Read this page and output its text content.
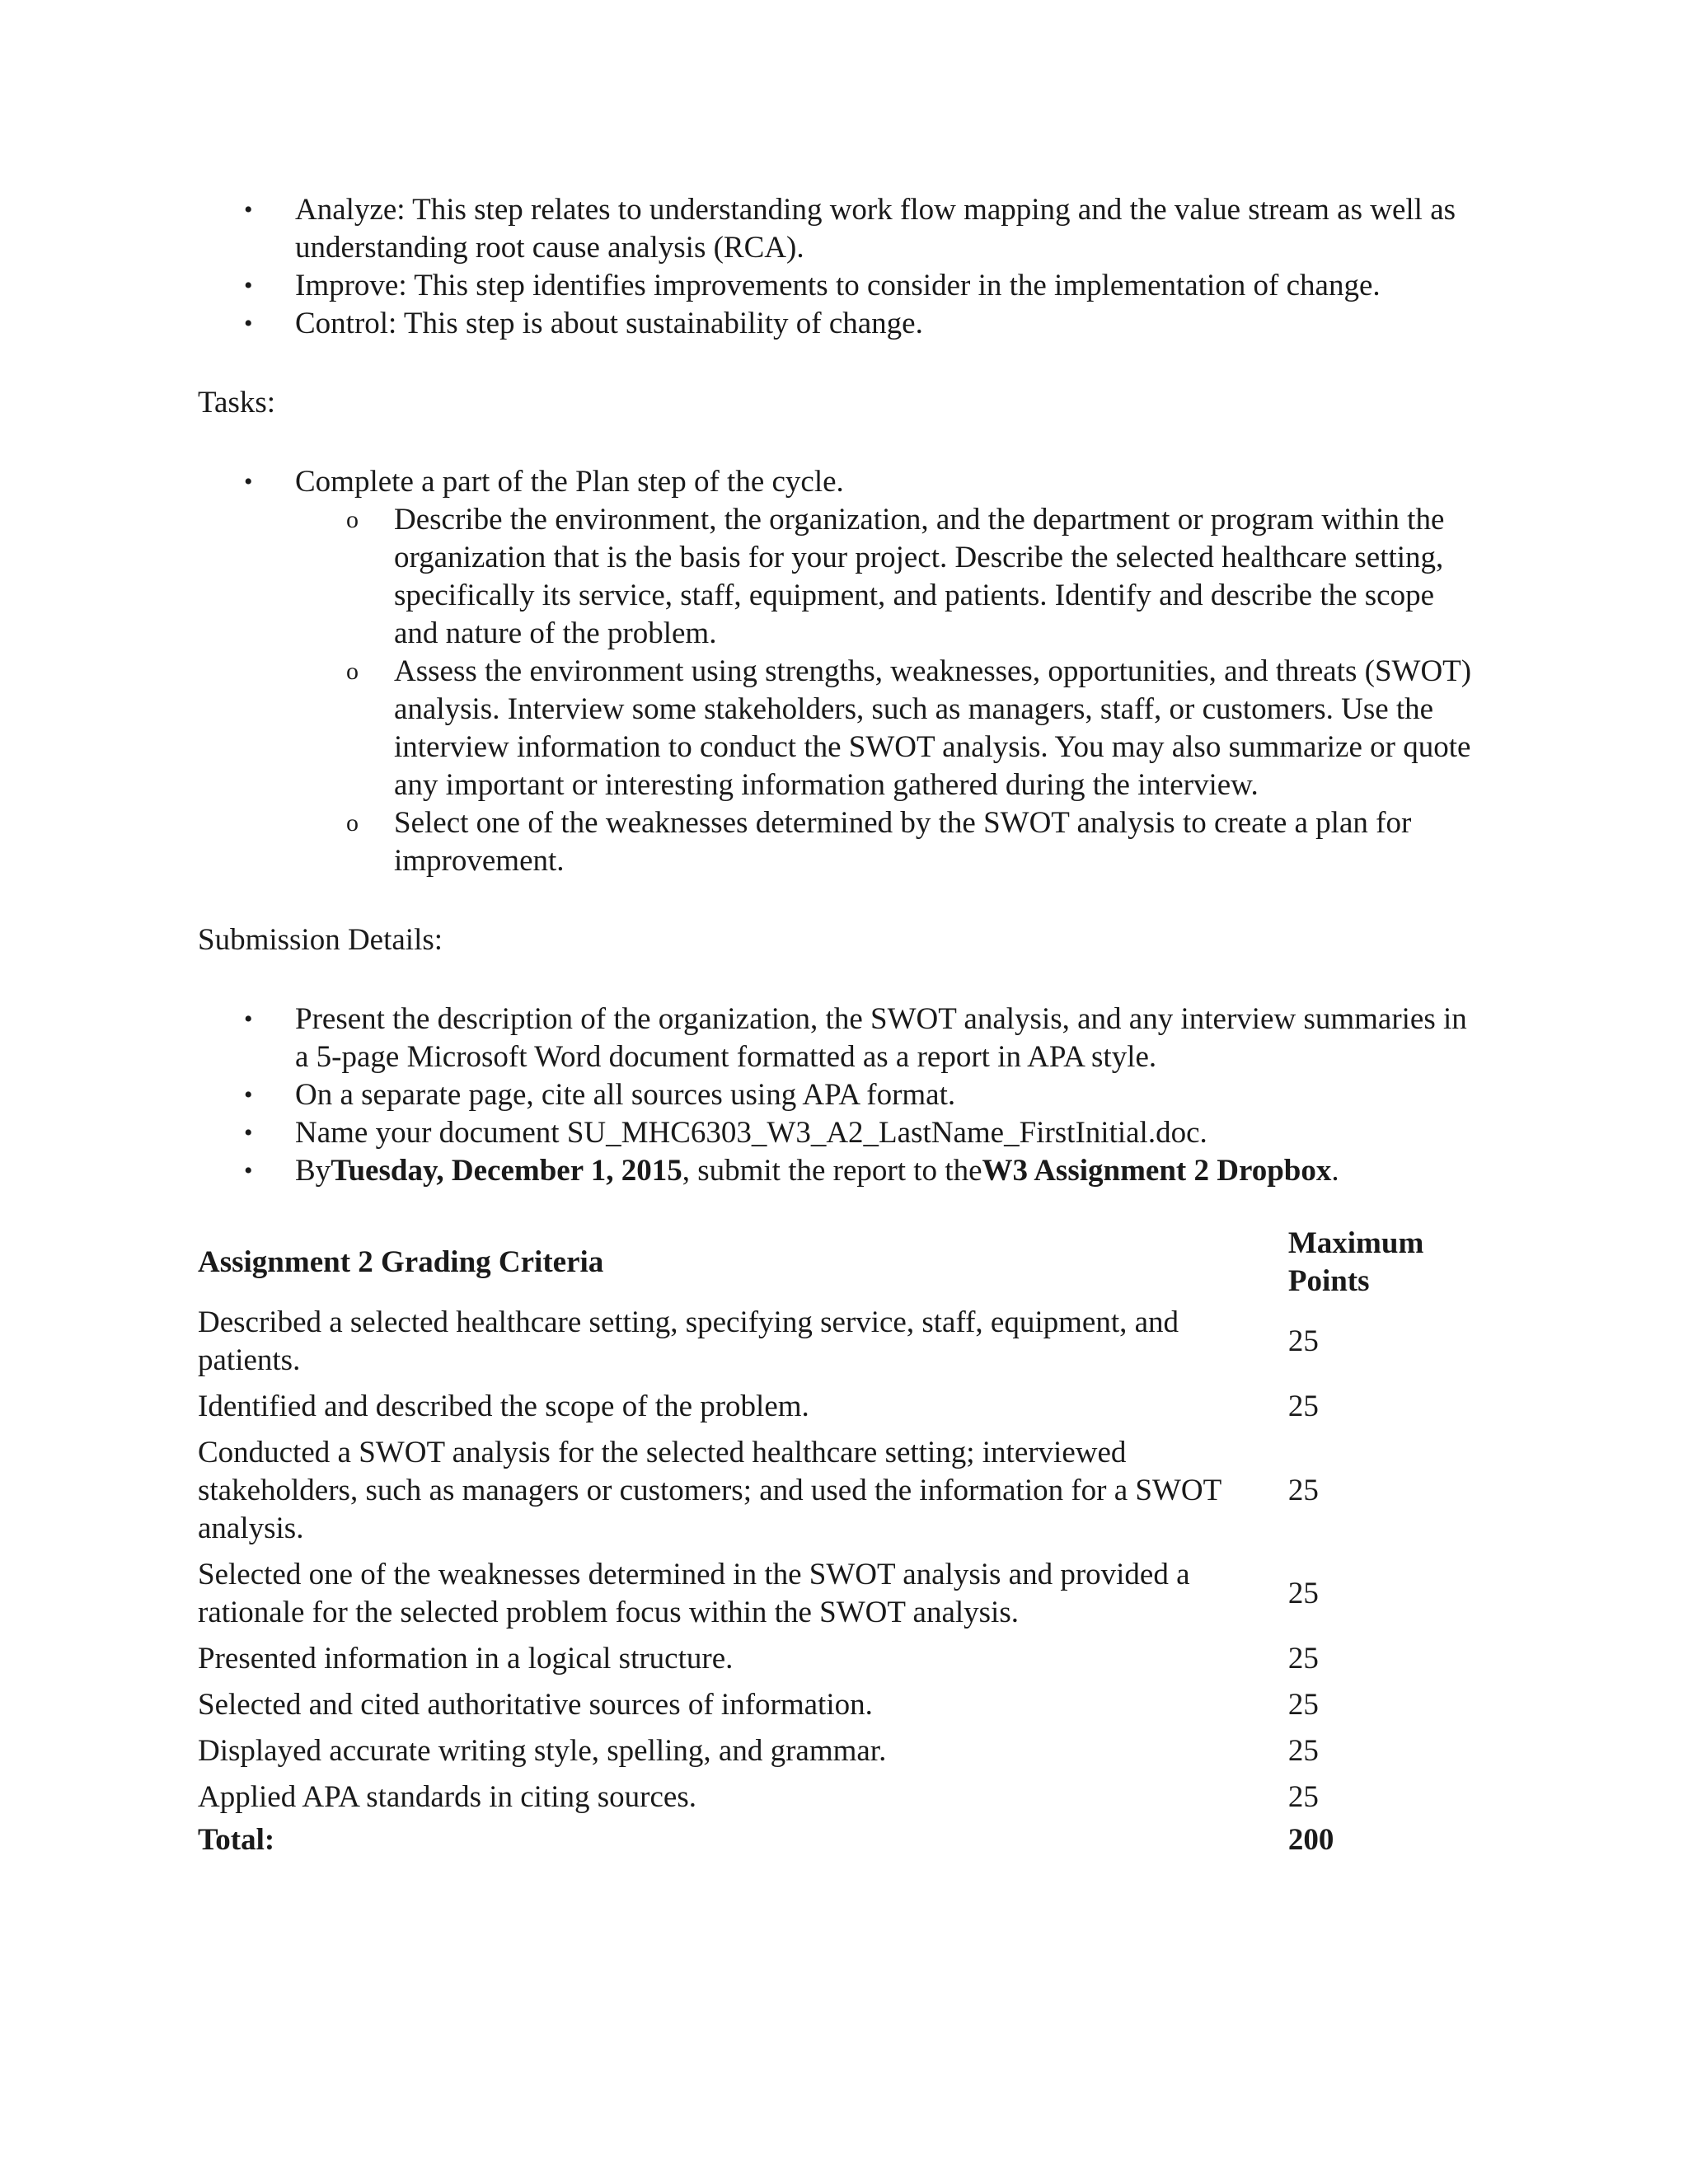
• Analyze: This step relates to understanding work flow mapping and the value stream as well as understanding root cause analysis (RCA).
• Improve: This step identifies improvements to consider in the implementation of change.
• Control: This step is about sustainability of change.

Tasks:

• Complete a part of the Plan step of the cycle.
o Describe the environment, the organization, and the department or program within the organization that is the basis for your project. Describe the selected healthcare setting, specifically its service, staff, equipment, and patients. Identify and describe the scope and nature of the problem.
o Assess the environment using strengths, weaknesses, opportunities, and threats (SWOT) analysis. Interview some stakeholders, such as managers, staff, or customers. Use the interview information to conduct the SWOT analysis. You may also summarize or quote any important or interesting information gathered during the interview.
o Select one of the weaknesses determined by the SWOT analysis to create a plan for improvement.

Submission Details:

• Present the description of the organization, the SWOT analysis, and any interview summaries in a 5-page Microsoft Word document formatted as a report in APA style.
• On a separate page, cite all sources using APA format.
• Name your document SU_MHC6303_W3_A2_LastName_FirstInitial.doc.
• ByTuesday, December 1, 2015, submit the report to theW3 Assignment 2 Dropbox.
Assignment 2 Grading Criteria	Maximum Points
Described a selected healthcare setting, specifying service, staff, equipment, and patients.	25
Identified and described the scope of the problem.	25
Conducted a SWOT analysis for the selected healthcare setting; interviewed stakeholders, such as managers or customers; and used the information for a SWOT analysis.	25
Selected one of the weaknesses determined in the SWOT analysis and provided a rationale for the selected problem focus within the SWOT analysis.	25
Presented information in a logical structure.	25
Selected and cited authoritative sources of information.	25
Displayed accurate writing style, spelling, and grammar.	25
Applied APA standards in citing sources.	25
Total:	200
